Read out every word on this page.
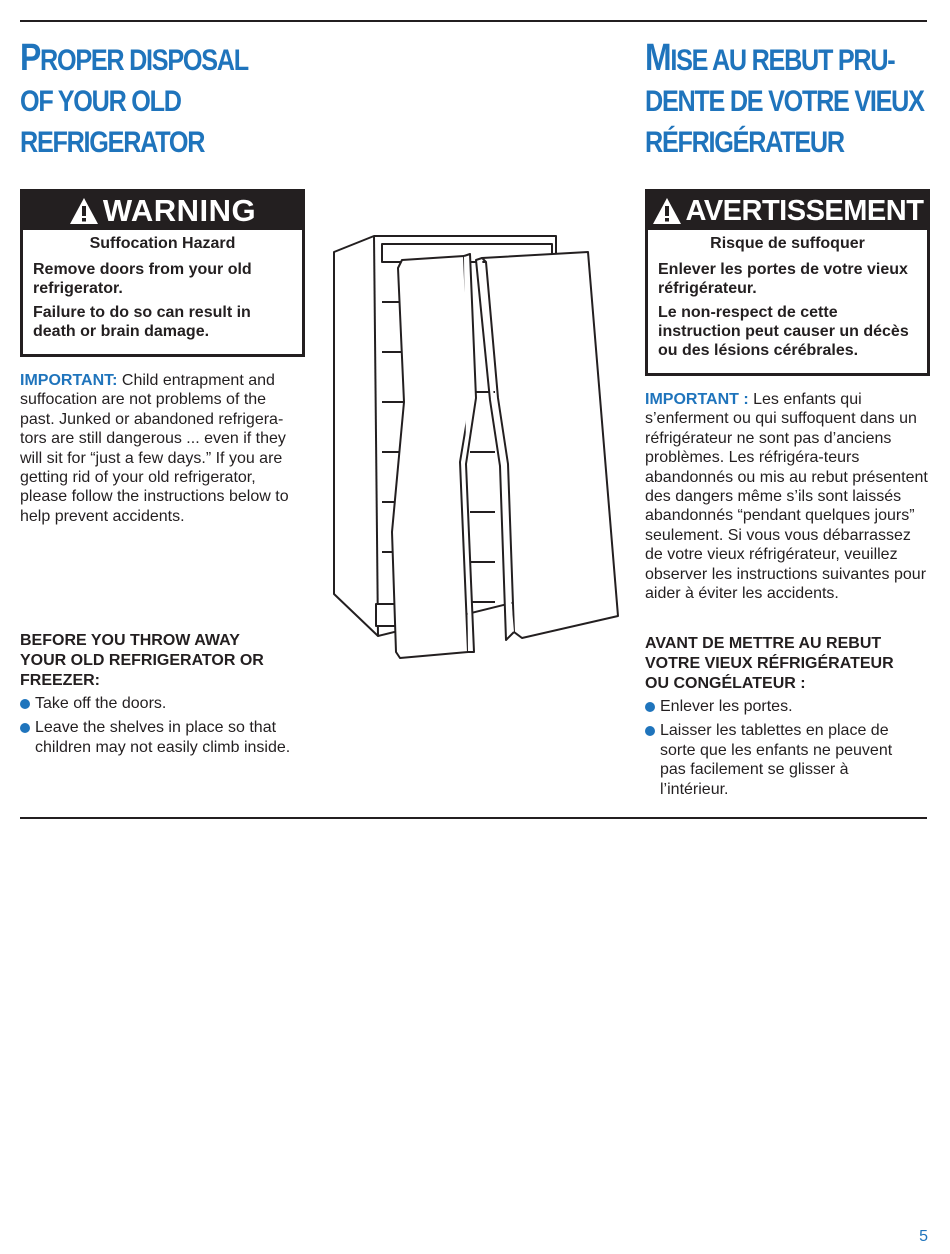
PROPER DISPOSAL
OF YOUR OLD
REFRIGERATOR
WARNING

Suffocation Hazard

Remove doors from your old refrigerator.

Failure to do so can result in death or brain damage.

IMPORTANT: Child entrapment and suffocation are not problems of the past. Junked or abandoned refrigera-tors are still dangerous ... even if they will sit for “just a few days.” If you are getting rid of your old refrigerator, please follow the instructions below to help prevent accidents.

BEFORE YOU THROW AWAY YOUR OLD REFRIGERATOR OR FREEZER:
Take off the doors.
Leave the shelves in place so that children may not easily climb inside.
MISE AU REBUT PRU-
DENTE DE VOTRE VIEUX
RÉFRIGÉRATEUR
AVERTISSEMENT

Risque de suffoquer

Enlever les portes de votre vieux réfrigérateur.

Le non-respect de cette instruction peut causer un décès ou des lésions cérébrales.

IMPORTANT : Les enfants qui s’enferment ou qui suffoquent dans un réfrigérateur ne sont pas d’anciens problèmes. Les réfrigéra-teurs abandonnés ou mis au rebut présentent des dangers même s’ils sont laissés abandonnés “pendant quelques jours” seulement. Si vous vous débarrassez de votre vieux réfrigérateur, veuillez observer les instructions suivantes pour aider à éviter les accidents.

AVANT DE METTRE AU REBUT VOTRE VIEUX RÉFRIGÉRATEUR OU CONGÉLATEUR :
Enlever les portes.
Laisser les tablettes en place de sorte que les enfants ne peuvent pas facilement se glisser à l’intérieur.
5
